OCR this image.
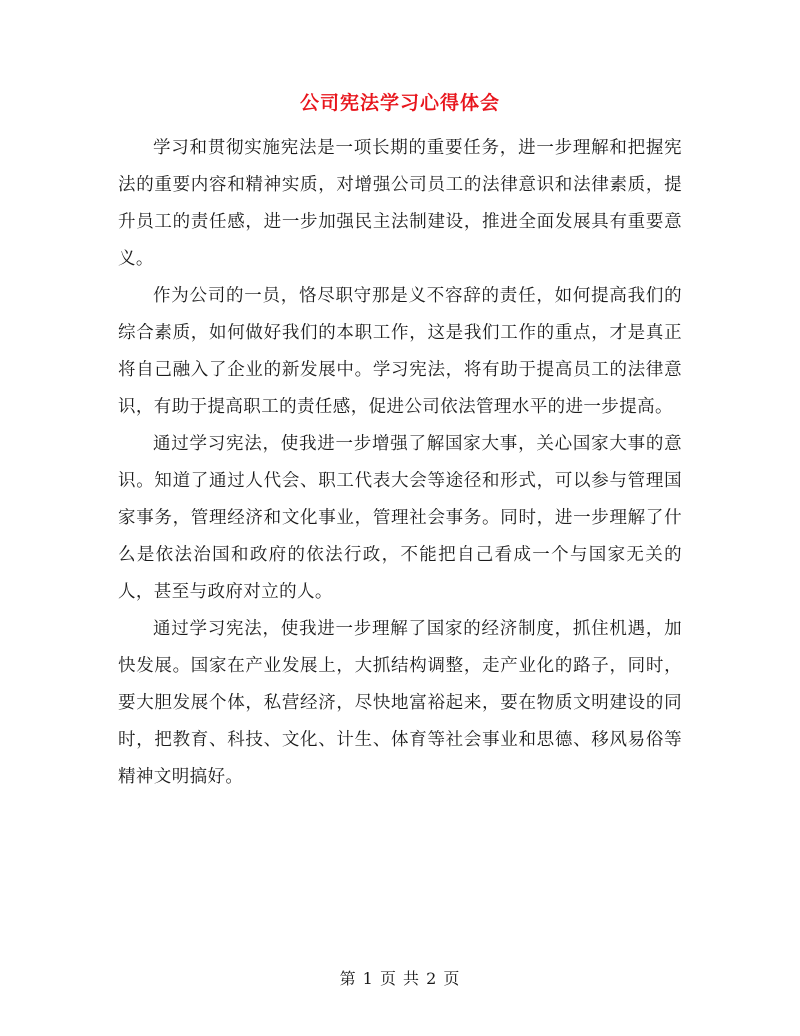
公司宪法学习心得体会

学习和贯彻实施宪法是一项长期的重要任务，进一步理解和把握宪法的重要内容和精神实质，对增强公司员工的法律意识和法律素质，提升员工的责任感，进一步加强民主法制建设，推进全面发展具有重要意义。

作为公司的一员，恪尽职守那是义不容辞的责任，如何提高我们的综合素质，如何做好我们的本职工作，这是我们工作的重点，才是真正将自己融入了企业的新发展中。学习宪法，将有助于提高员工的法律意识，有助于提高职工的责任感，促进公司依法管理水平的进一步提高。

通过学习宪法，使我进一步增强了解国家大事，关心国家大事的意识。知道了通过人代会、职工代表大会等途径和形式，可以参与管理国家事务，管理经济和文化事业，管理社会事务。同时，进一步理解了什么是依法治国和政府的依法行政，不能把自己看成一个与国家无关的人，甚至与政府对立的人。

通过学习宪法，使我进一步理解了国家的经济制度，抓住机遇，加快发展。国家在产业发展上，大抓结构调整，走产业化的路子，同时，要大胆发展个体，私营经济，尽快地富裕起来，要在物质文明建设的同时，把教育、科技、文化、计生、体育等社会事业和思德、移风易俗等精神文明搞好。

第 1 页 共 2 页
